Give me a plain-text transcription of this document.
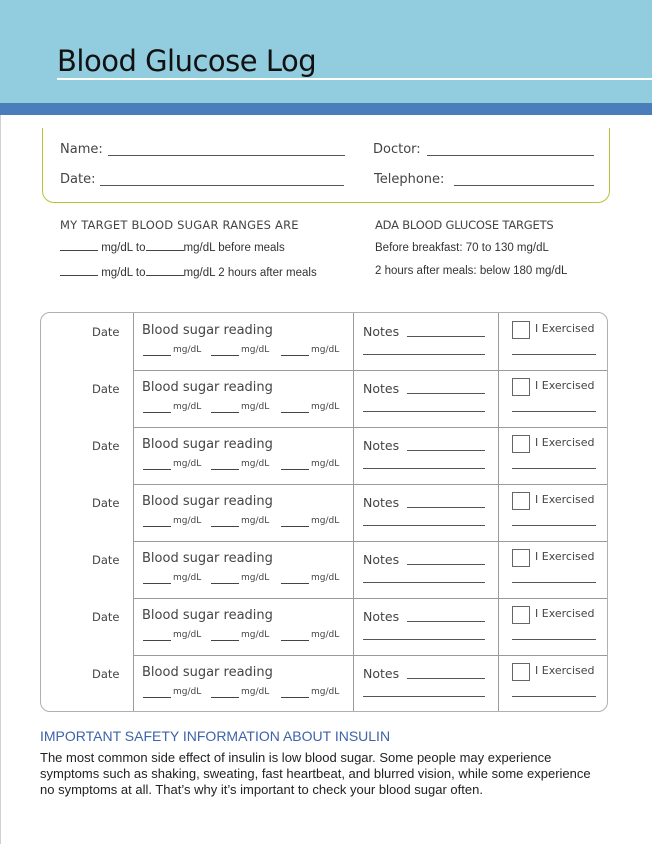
Blood Glucose Log
Name:
Date:
Doctor:
Telephone:
MY TARGET BLOOD SUGAR RANGES ARE
mg/dL to	mg/dL before meals
mg/dL to	mg/dL 2 hours after meals
ADA BLOOD GLUCOSE TARGETS
Before breakfast: 70 to 130 mg/dL
2 hours after meals: below 180 mg/dL
Date Blood sugar reading
mg/dL	mg/dL	mg/dL
Notes	I Exercised
Date Blood sugar reading
mg/dL	mg/dL	mg/dL
Notes	I Exercised
Date Blood sugar reading
mg/dL	mg/dL	mg/dL
Notes	I Exercised
Date Blood sugar reading
mg/dL	mg/dL	mg/dL
Notes	I Exercised
Date Blood sugar reading
mg/dL	mg/dL	mg/dL
Notes	I Exercised
Date Blood sugar reading
mg/dL	mg/dL	mg/dL
Notes	I Exercised
Date Blood sugar reading
mg/dL	mg/dL	mg/dL
Notes	I Exercised
IMPORTANT SAFETY INFORMATION ABOUT INSULIN
The most common side effect of insulin is low blood sugar. Some people may experience symptoms such as shaking, sweating, fast heartbeat, and blurred vision, while some experience no symptoms at all. That’s why it’s important to check your blood sugar often.
